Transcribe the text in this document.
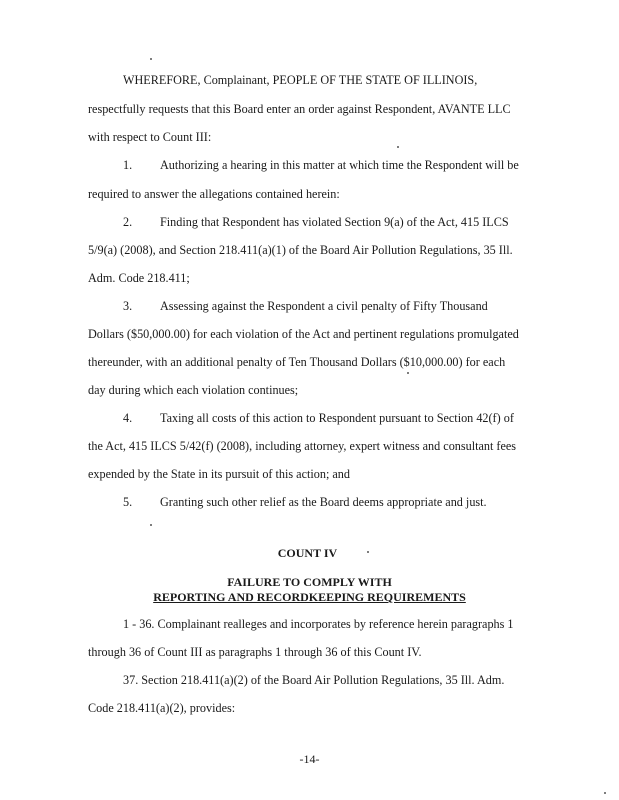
WHEREFORE, Complainant, PEOPLE OF THE STATE OF ILLINOIS,
respectfully requests that this Board enter an order against Respondent, AVANTE LLC
with respect to Count III:
1. Authorizing a hearing in this matter at which time the Respondent will be
required to answer the allegations contained herein:
2. Finding that Respondent has violated Section 9(a) of the Act, 415 ILCS
5/9(a) (2008), and Section 218.411(a)(1) of the Board Air Pollution Regulations, 35 Ill.
Adm. Code 218.411;
3. Assessing against the Respondent a civil penalty of Fifty Thousand
Dollars ($50,000.00) for each violation of the Act and pertinent regulations promulgated
thereunder, with an additional penalty of Ten Thousand Dollars ($10,000.00) for each
day during which each violation continues;
4. Taxing all costs of this action to Respondent pursuant to Section 42(f) of
the Act, 415 ILCS 5/42(f) (2008), including attorney, expert witness and consultant fees
expended by the State in its pursuit of this action; and
5. Granting such other relief as the Board deems appropriate and just.
COUNT IV
FAILURE TO COMPLY WITH
REPORTING AND RECORDKEEPING REQUIREMENTS
1 - 36. Complainant realleges and incorporates by reference herein paragraphs 1
through 36 of Count III as paragraphs 1 through 36 of this Count IV.
37. Section 218.411(a)(2) of the Board Air Pollution Regulations, 35 Ill. Adm.
Code 218.411(a)(2), provides:
-14-
